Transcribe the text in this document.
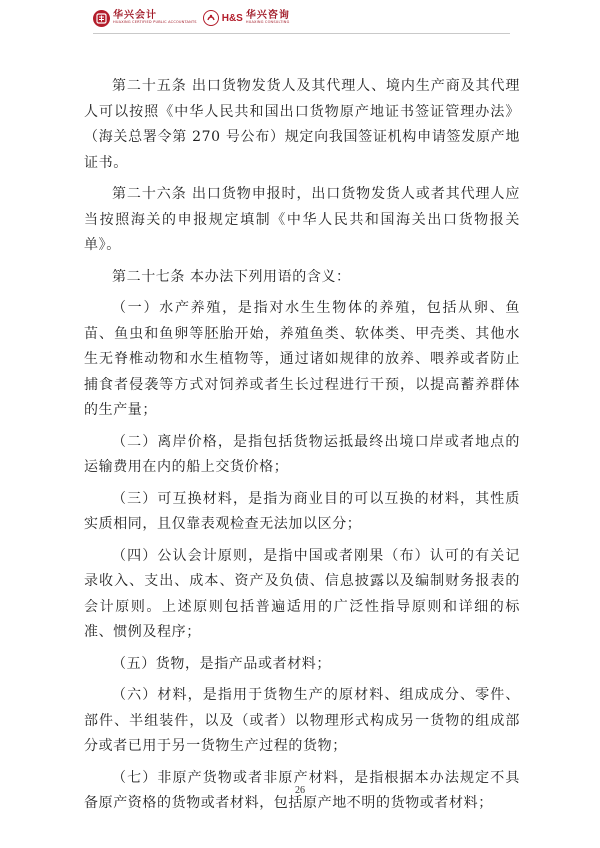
华兴会计
HUAXING CERTIFIED PUBLIC ACCOUNTANTS	H&S 华兴咨询
HUAXING CONSULTING

第二十五条 出口货物发货人及其代理人、境内生产商及其代理人可以按照《中华人民共和国出口货物原产地证书签证管理办法》（海关总署令第 270 号公布）规定向我国签证机构申请签发原产地证书。

第二十六条 出口货物申报时，出口货物发货人或者其代理人应当按照海关的申报规定填制《中华人民共和国海关出口货物报关单》。

第二十七条 本办法下列用语的含义：

（一）水产养殖，是指对水生生物体的养殖，包括从卵、鱼苗、鱼虫和鱼卵等胚胎开始，养殖鱼类、软体类、甲壳类、其他水生无脊椎动物和水生植物等，通过诸如规律的放养、喂养或者防止捕食者侵袭等方式对饲养或者生长过程进行干预，以提高蓄养群体的生产量；

（二）离岸价格，是指包括货物运抵最终出境口岸或者地点的运输费用在内的船上交货价格；

（三）可互换材料，是指为商业目的可以互换的材料，其性质实质相同，且仅靠表观检查无法加以区分；

（四）公认会计原则，是指中国或者刚果（布）认可的有关记录收入、支出、成本、资产及负债、信息披露以及编制财务报表的会计原则。上述原则包括普遍适用的广泛性指导原则和详细的标准、惯例及程序；

（五）货物，是指产品或者材料；

（六）材料，是指用于货物生产的原材料、组成成分、零件、部件、半组装件，以及（或者）以物理形式构成另一货物的组成部分或者已用于另一货物生产过程的货物；

（七）非原产货物或者非原产材料，是指根据本办法规定不具备原产资格的货物或者材料，包括原产地不明的货物或者材料；

26
